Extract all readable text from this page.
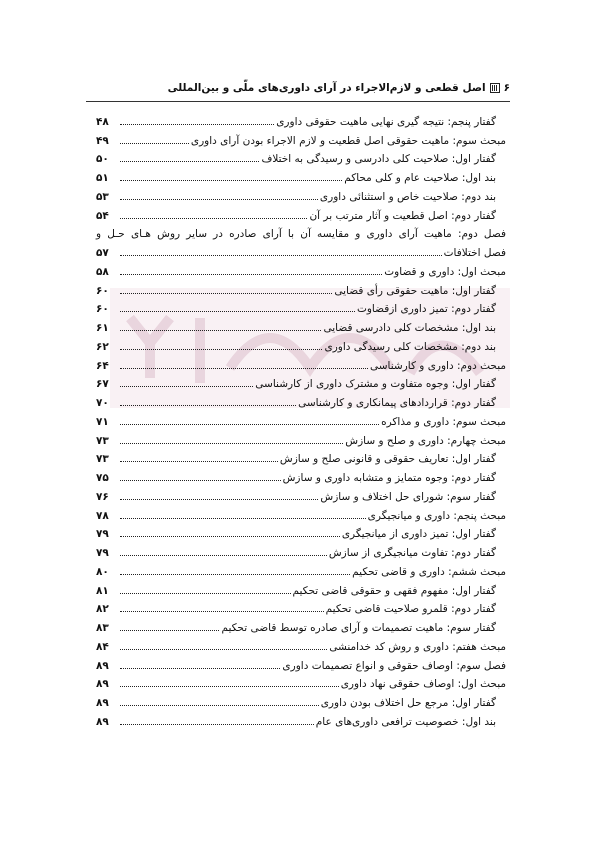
۶
اصل قطعی و لازم‌الاجراء در آرای داوری‌های ملّی و بین‌المللی
گفتار پنجم: نتیجه گیری نهایی ماهیت حقوقی داوری
۴۸
مبحث سوم: ماهیت حقوقی اصل قطعیت و لازم الاجراء بودن آرای داوری
۴۹
گفتار اول: صلاحیت کلی دادرسی و رسیدگی به اختلاف
۵۰
بند اول: صلاحیت عام و کلی محاکم
۵۱
بند دوم: صلاحیت خاص و استثنائی داوری
۵۳
گفتار دوم: اصل قطعیت و آثار مترتب بر آن
۵۴
فصل دوم: ماهیت آرای داوری و مقایسه آن با آرای صادره در سایر روش هـای حـل و
فصل اختلافات
۵۷
مبحث اول: داوری و قضاوت
۵۸
گفتار اول: ماهیت حقوقی رأی قضایی
۶۰
گفتار دوم: تمیز داوری ازقضاوت
۶۰
بند اول: مشخصات کلی دادرسی قضایی
۶۱
بند دوم: مشخصات کلی رسیدگی داوری
۶۲
مبحث دوم: داوری و کارشناسی
۶۴
گفتار اول: وجوه متفاوت و مشترک داوری از کارشناسی
۶۷
گفتار دوم: قراردادهای پیمانکاری و کارشناسی
۷۰
مبحث سوم: داوری و مذاکره
۷۱
مبحث چهارم: داوری و صلح و سازش
۷۳
گفتار اول: تعاریف حقوقی و قانونی صلح و سازش
۷۳
گفتار دوم: وجوه متمایز و متشابه داوری و سازش
۷۵
گفتار سوم: شورای حل اختلاف و سازش
۷۶
مبحث پنجم: داوری و میانجیگری
۷۸
گفتار اول: تمیز داوری از میانجیگری
۷۹
گفتار دوم: تفاوت میانجیگری از سازش
۷۹
مبحث ششم: داوری و قاضی تحکیم
۸۰
گفتار اول: مفهوم فقهی و حقوقی قاضی تحکیم
۸۱
گفتار دوم: قلمرو صلاحیت قاضی تحکیم
۸۲
گفتار سوم: ماهیت تصمیمات و آرای صادره توسط قاضی تحکیم
۸۳
مبحث هفتم: داوری و روش کد خدامنشی
۸۴
فصل سوم: اوصاف حقوقی و انواع تصمیمات داوری
۸۹
مبحث اول: اوصاف حقوقی نهاد داوری
۸۹
گفتار اول: مرجع حل اختلاف بودن داوری
۸۹
بند اول: خصوصیت ترافعی داوری‌های عام
۸۹
